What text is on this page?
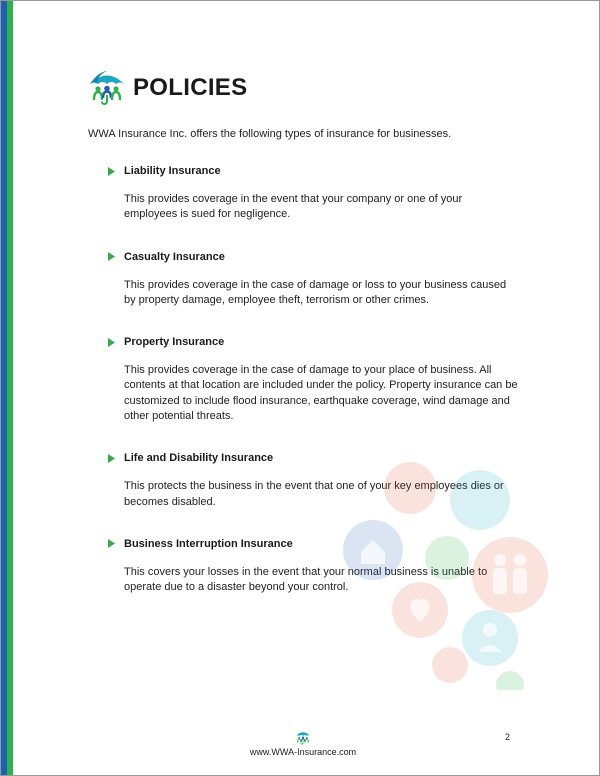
POLICIES

WWA Insurance Inc. offers the following types of insurance for businesses.

Liability Insurance

This provides coverage in the event that your company or one of your employees is sued for negligence.

Casualty Insurance

This provides coverage in the case of damage or loss to your business caused by property damage, employee theft, terrorism or other crimes.

Property Insurance

This provides coverage in the case of damage to your place of business. All contents at that location are included under the policy. Property insurance can be customized to include flood insurance, earthquake coverage, wind damage and other potential threats.

Life and Disability Insurance

This protects the business in the event that one of your key employees dies or becomes disabled.

Business Interruption Insurance

This covers your losses in the event that your normal business is unable to operate due to a disaster beyond your control.

www.WWA-Insurance.com
2
